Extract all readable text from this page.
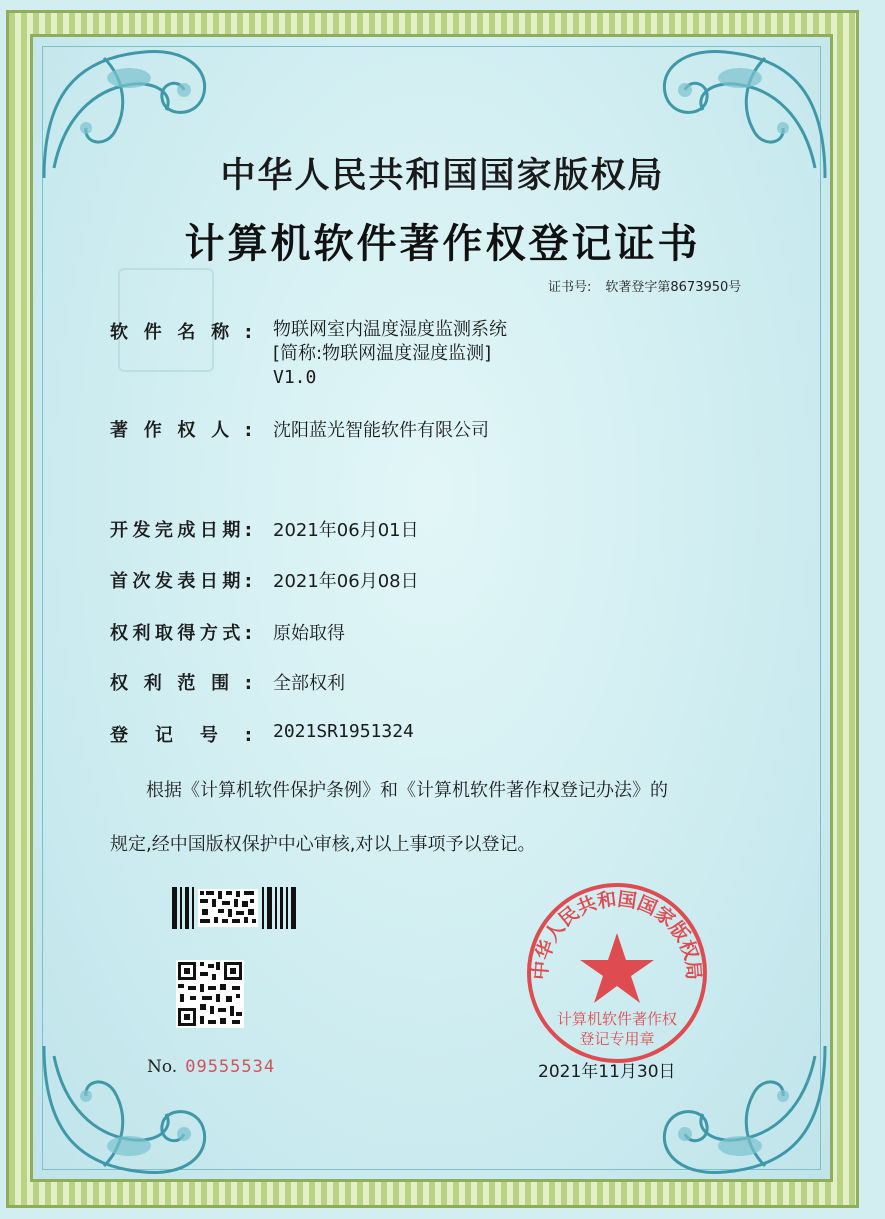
中华人民共和国国家版权局
计算机软件著作权登记证书
证书号: 软著登字第8673950号
软件名称: 物联网室内温度湿度监测系统
[简称:物联网温度湿度监测]
V1.0
著作权人: 沈阳蓝光智能软件有限公司
开发完成日期: 2021年06月01日
首次发表日期: 2021年06月08日
权利取得方式: 原始取得
权利范围: 全部权利
登记号: 2021SR1951324
根据《计算机软件保护条例》和《计算机软件著作权登记办法》的
规定,经中国版权保护中心审核,对以上事项予以登记。
No. 09555534	2021年11月30日
中华人民共和国国家版权局
计算机软件著作权
登记专用章
